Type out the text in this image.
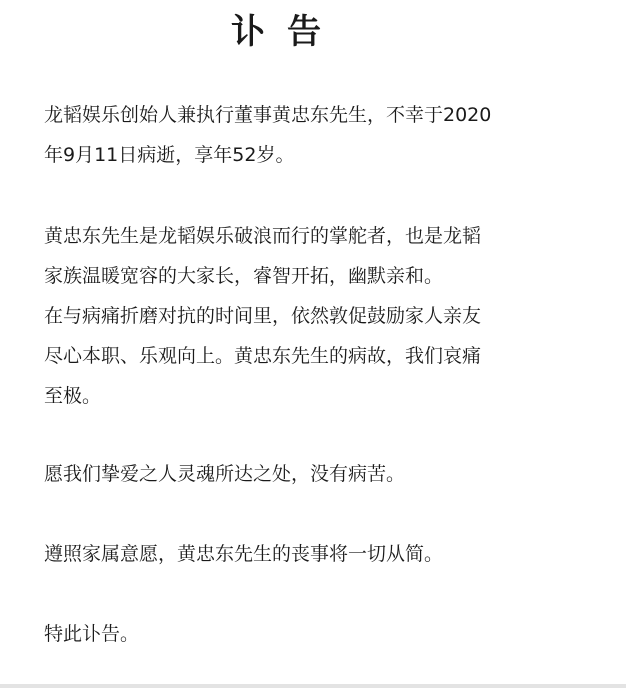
讣告

龙韬娱乐创始人兼执行董事黄忠东先生，不幸于2020
年9月11日病逝，享年52岁。

黄忠东先生是龙韬娱乐破浪而行的掌舵者，也是龙韬
家族温暖宽容的大家长，睿智开拓，幽默亲和。
在与病痛折磨对抗的时间里，依然敦促鼓励家人亲友
尽心本职、乐观向上。黄忠东先生的病故，我们哀痛
至极。

愿我们挚爱之人灵魂所达之处，没有病苦。

遵照家属意愿，黄忠东先生的丧事将一切从简。

特此讣告。
